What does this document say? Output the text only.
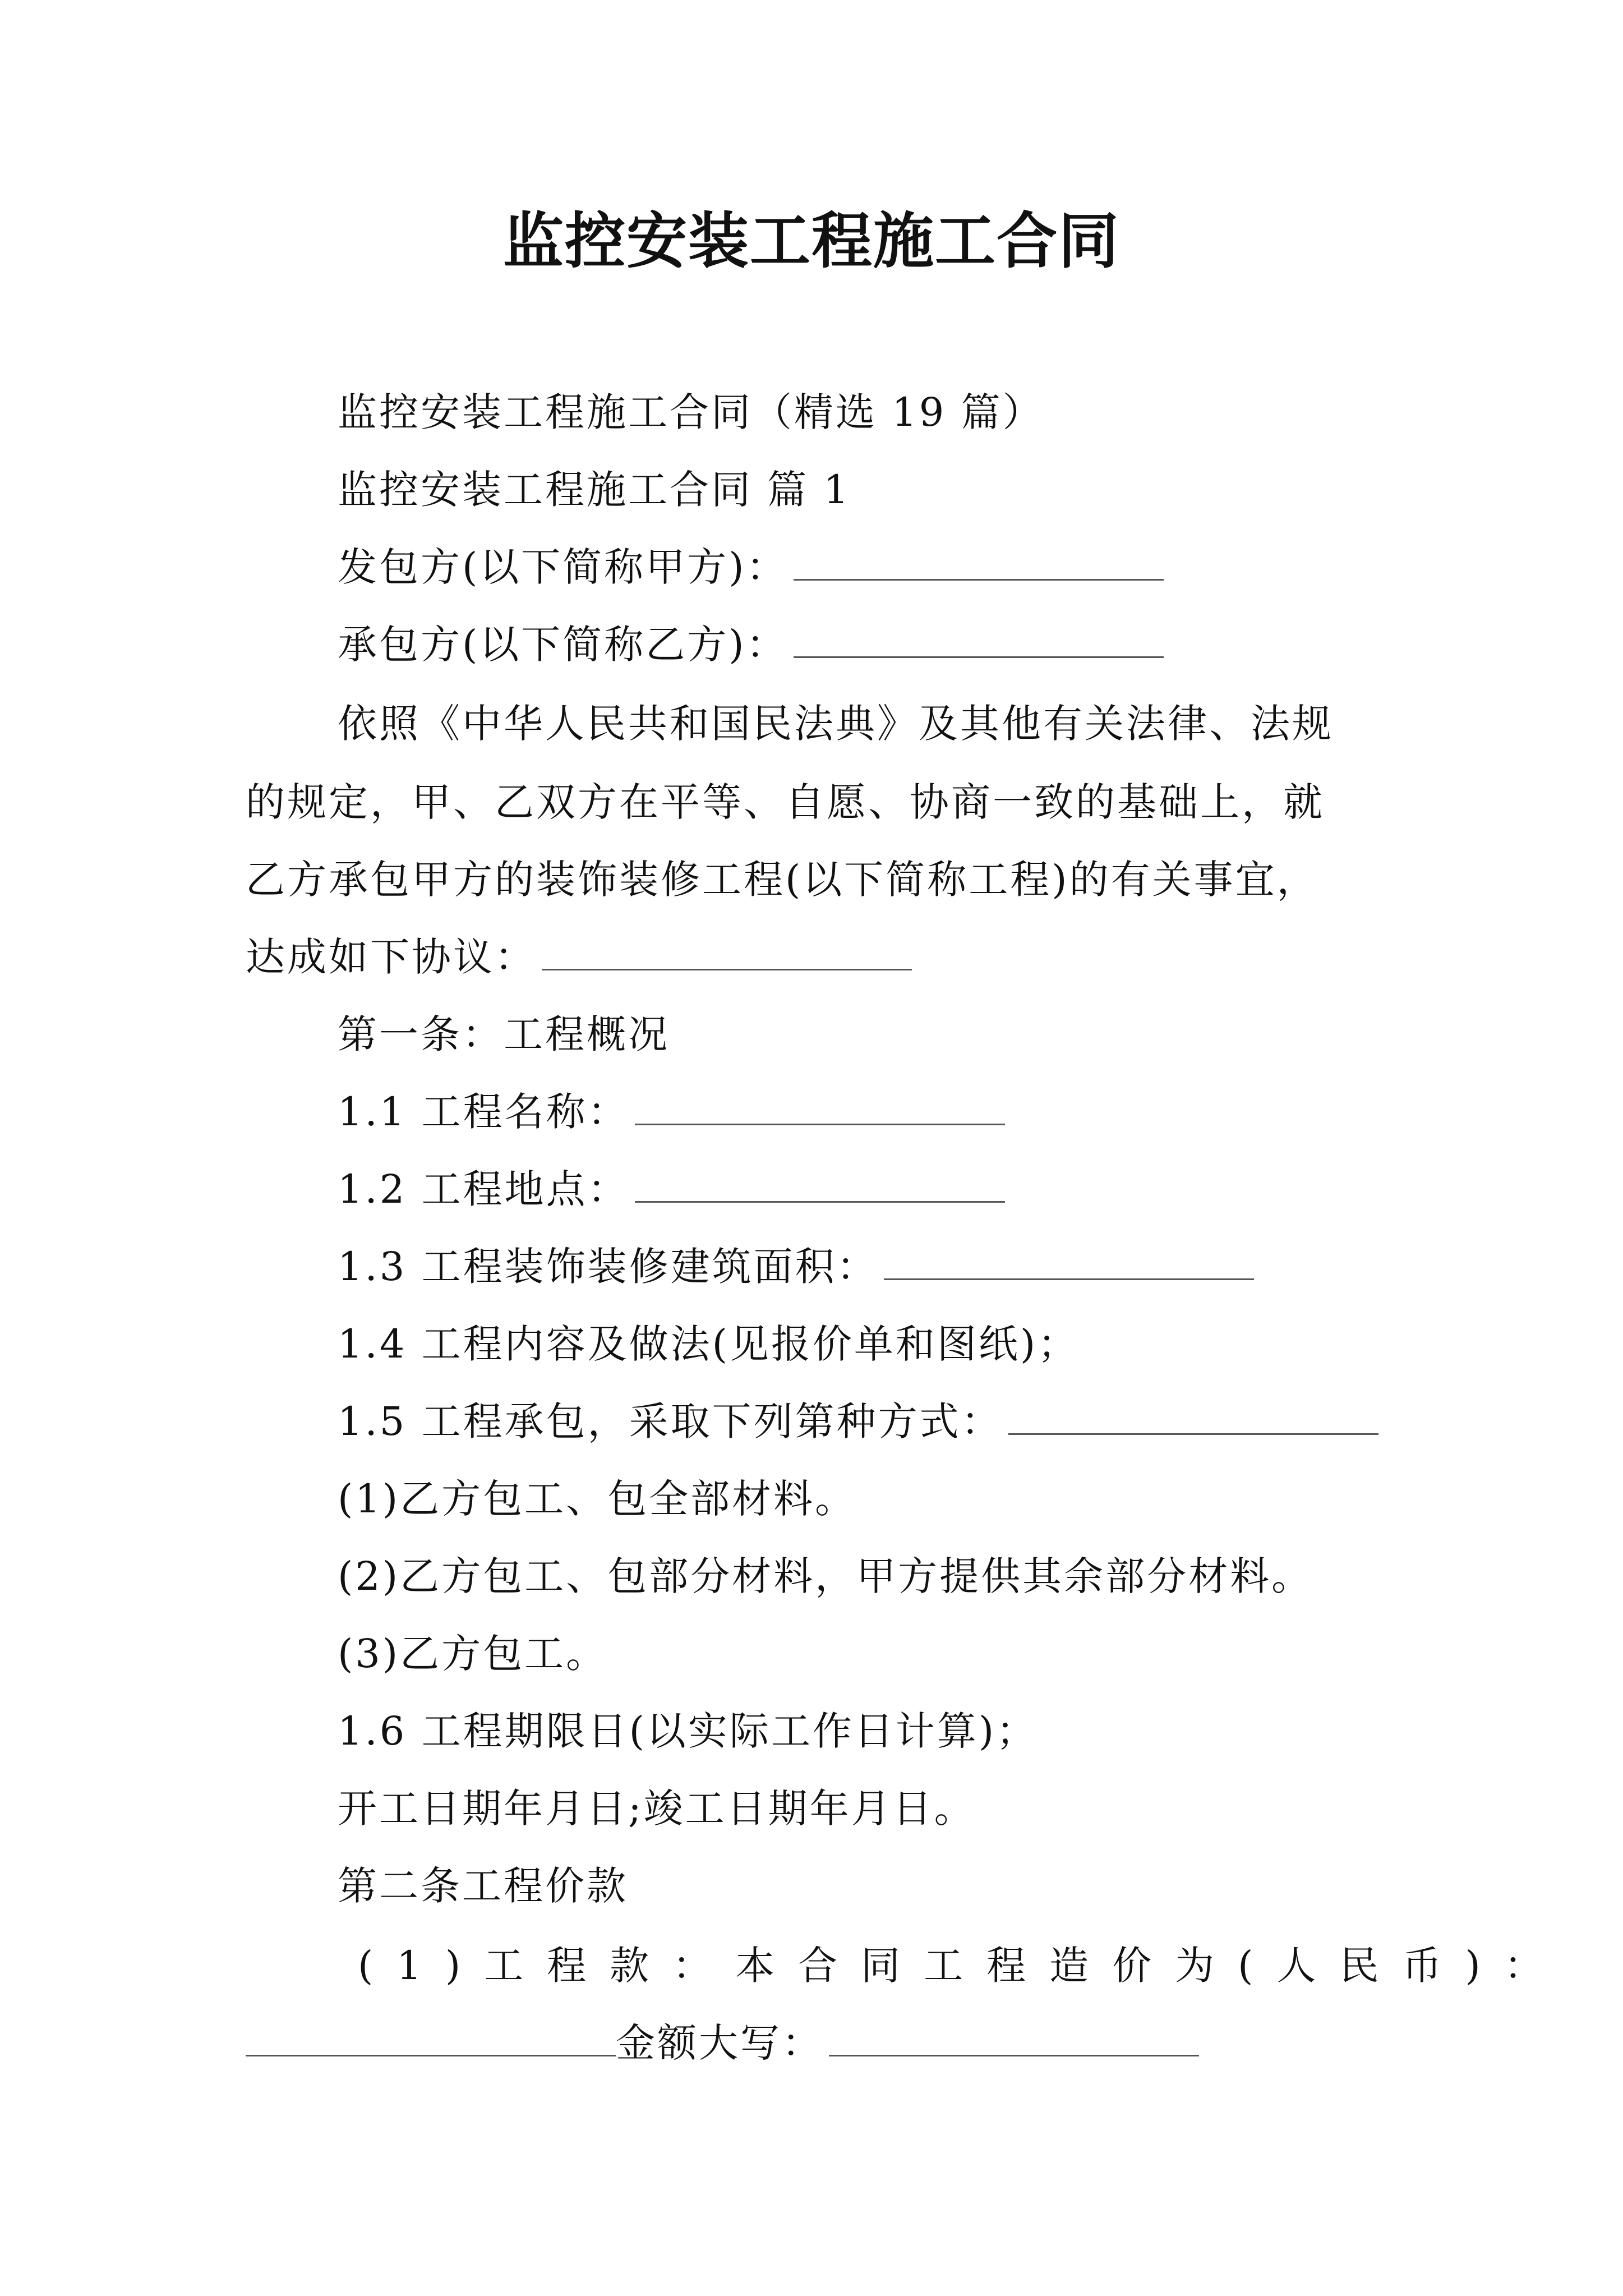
监控安装工程施工合同
监控安装工程施工合同（精选 19 篇）
监控安装工程施工合同 篇 1
发包方(以下简称甲方)：
承包方(以下简称乙方)：
依照《中华人民共和国民法典》及其他有关法律、法规
的规定，甲、乙双方在平等、自愿、协商一致的基础上，就
乙方承包甲方的装饰装修工程(以下简称工程)的有关事宜，
达成如下协议：
第一条：工程概况
1.1 工程名称：
1.2 工程地点：
1.3 工程装饰装修建筑面积：
1.4 工程内容及做法(见报价单和图纸)；
1.5 工程承包，采取下列第种方式：
(1)乙方包工、包全部材料。
(2)乙方包工、包部分材料，甲方提供其余部分材料。
(3)乙方包工。
1.6 工程期限日(以实际工作日计算)；
开工日期年月日;竣工日期年月日。
第二条工程价款
(1)工程款：本合同工程造价为(人民币)：
金额大写：
